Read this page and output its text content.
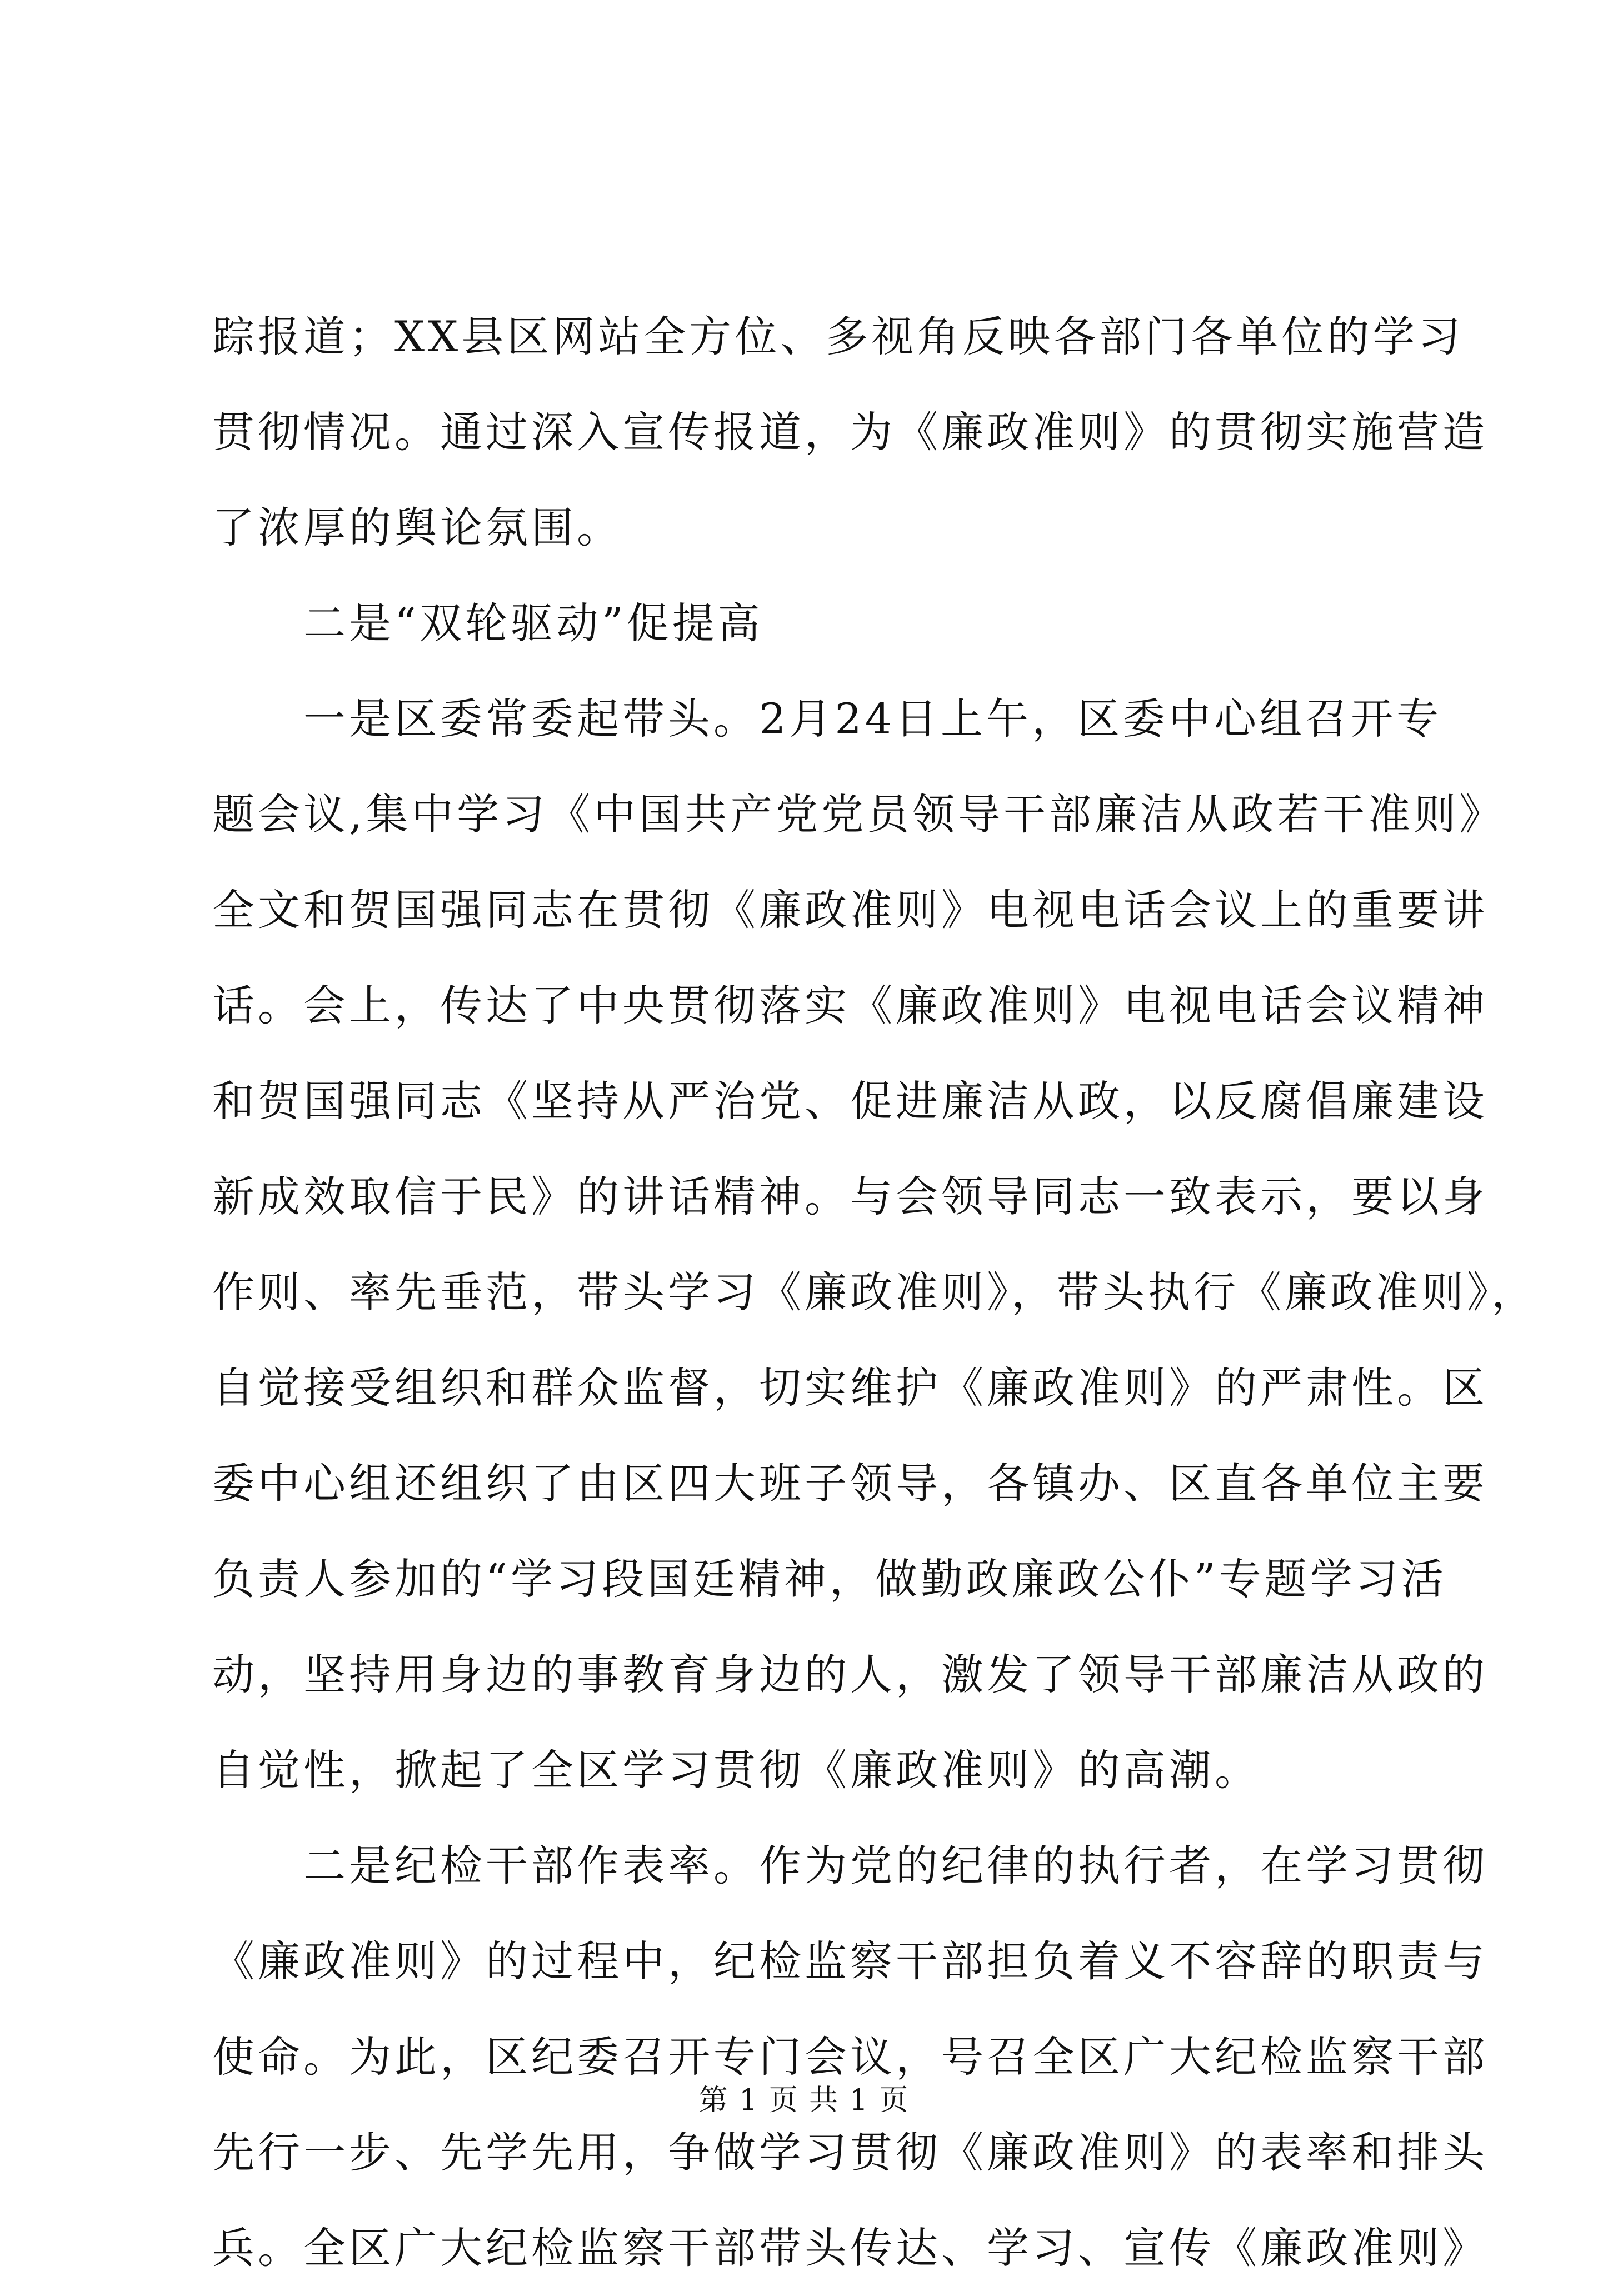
踪报道；XX县区网站全方位、多视角反映各部门各单位的学习
贯彻情况。通过深入宣传报道，为《廉政准则》的贯彻实施营造
了浓厚的舆论氛围。
二是“双轮驱动”促提高
一是区委常委起带头。2月24日上午，区委中心组召开专
题会议,集中学习《中国共产党党员领导干部廉洁从政若干准则》
全文和贺国强同志在贯彻《廉政准则》电视电话会议上的重要讲
话。会上，传达了中央贯彻落实《廉政准则》电视电话会议精神
和贺国强同志《坚持从严治党、促进廉洁从政，以反腐倡廉建设
新成效取信于民》的讲话精神。与会领导同志一致表示，要以身
作则、率先垂范，带头学习《廉政准则》，带头执行《廉政准则》，
自觉接受组织和群众监督，切实维护《廉政准则》的严肃性。区
委中心组还组织了由区四大班子领导，各镇办、区直各单位主要
负责人参加的“学习段国廷精神，做勤政廉政公仆”专题学习活
动，坚持用身边的事教育身边的人，激发了领导干部廉洁从政的
自觉性，掀起了全区学习贯彻《廉政准则》的高潮。
二是纪检干部作表率。作为党的纪律的执行者，在学习贯彻
《廉政准则》的过程中，纪检监察干部担负着义不容辞的职责与
使命。为此，区纪委召开专门会议，号召全区广大纪检监察干部
先行一步、先学先用，争做学习贯彻《廉政准则》的表率和排头
兵。全区广大纪检监察干部带头传达、学习、宣传《廉政准则》
第 1 页 共 1 页
